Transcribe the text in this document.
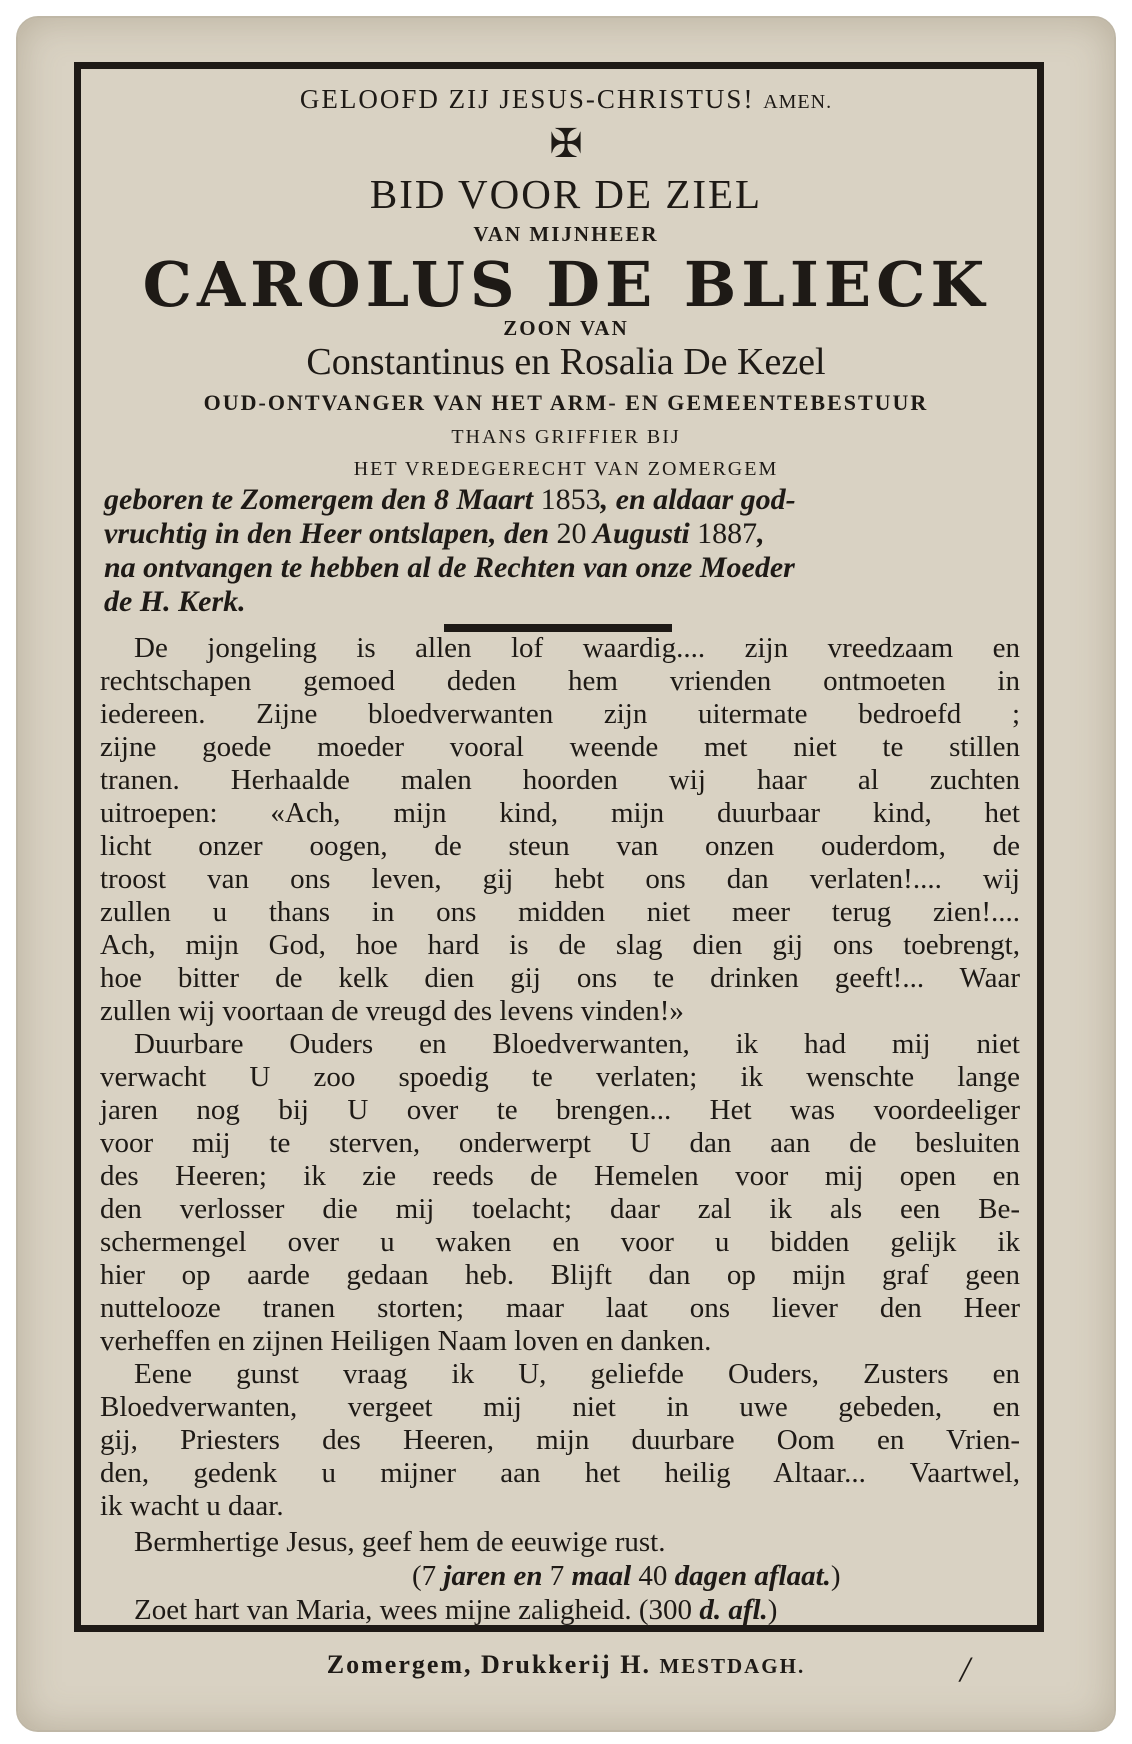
GELOOFD ZIJ JESUS-CHRISTUS! AMEN.
✠
BID VOOR DE ZIEL
VAN MIJNHEER
CAROLUS DE BLIECK
ZOON VAN
Constantinus en Rosalia De Kezel
OUD-ONTVANGER VAN HET ARM- EN GEMEENTEBESTUUR
THANS GRIFFIER BIJ
HET VREDEGERECHT VAN ZOMERGEM
geboren te Zomergem den 8 Maart 1853, en aldaar god-
vruchtig in den Heer ontslapen, den 20 Augusti 1887,
na ontvangen te hebben al de Rechten van onze Moeder
de H. Kerk.
De jongeling is allen lof waardig.... zijn vreedzaam en
rechtschapen gemoed deden hem vrienden ontmoeten in
iedereen. Zijne bloedverwanten zijn uitermate bedroefd ;
zijne goede moeder vooral weende met niet te stillen
tranen. Herhaalde malen hoorden wij haar al zuchten
uitroepen: «Ach, mijn kind, mijn duurbaar kind, het
licht onzer oogen, de steun van onzen ouderdom, de
troost van ons leven, gij hebt ons dan verlaten!.... wij
zullen u thans in ons midden niet meer terug zien!....
Ach, mijn God, hoe hard is de slag dien gij ons toebrengt,
hoe bitter de kelk dien gij ons te drinken geeft!... Waar
zullen wij voortaan de vreugd des levens vinden!»
Duurbare Ouders en Bloedverwanten, ik had mij niet
verwacht U zoo spoedig te verlaten; ik wenschte lange
jaren nog bij U over te brengen... Het was voordeeliger
voor mij te sterven, onderwerpt U dan aan de besluiten
des Heeren; ik zie reeds de Hemelen voor mij open en
den verlosser die mij toelacht; daar zal ik als een Be-
schermengel over u waken en voor u bidden gelijk ik
hier op aarde gedaan heb. Blijft dan op mijn graf geen
nuttelooze tranen storten; maar laat ons liever den Heer
verheffen en zijnen Heiligen Naam loven en danken.
Eene gunst vraag ik U, geliefde Ouders, Zusters en
Bloedverwanten, vergeet mij niet in uwe gebeden, en
gij, Priesters des Heeren, mijn duurbare Oom en Vrien-
den, gedenk u mijner aan het heilig Altaar... Vaartwel,
ik wacht u daar.
Bermhertige Jesus, geef hem de eeuwige rust.
(7 jaren en 7 maal 40 dagen aflaat.)
Zoet hart van Maria, wees mijne zaligheid. (300 d. afl.)
Zomergem, Drukkerij H. MESTDAGH.	/
